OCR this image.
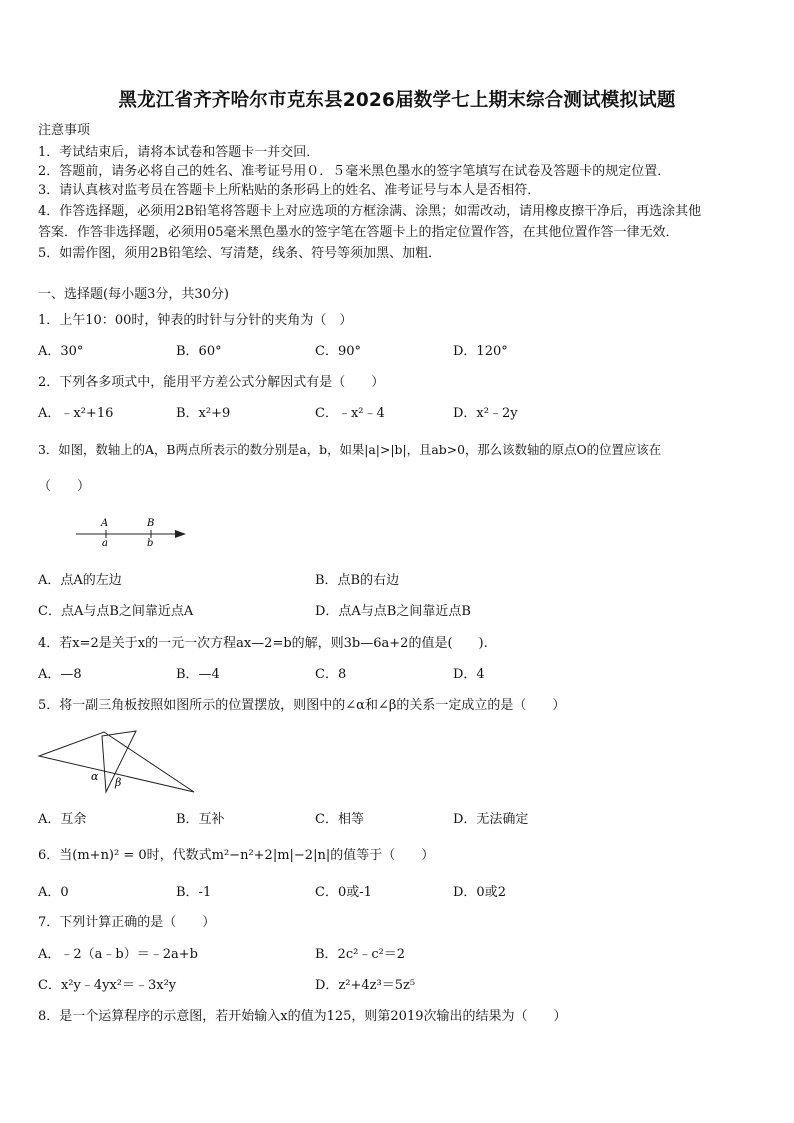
黑龙江省齐齐哈尔市克东县2026届数学七上期末综合测试模拟试题
注意事项
1．考试结束后，请将本试卷和答题卡一并交回．
2．答题前，请务必将自己的姓名、准考证号用０．５毫米黑色墨水的签字笔填写在试卷及答题卡的规定位置．
3．请认真核对监考员在答题卡上所粘贴的条形码上的姓名、准考证号与本人是否相符．
4．作答选择题，必须用2B铅笔将答题卡上对应选项的方框涂满、涂黑；如需改动，请用橡皮擦干净后，再选涂其他
答案．作答非选择题，必须用05毫米黑色墨水的签字笔在答题卡上的指定位置作答，在其他位置作答一律无效．
5．如需作图，须用2B铅笔绘、写清楚，线条、符号等须加黑、加粗．
一、选择题(每小题3分，共30分)
1．上午10：00时，钟表的时针与分针的夹角为（　）
A．30°	B．60°	C．90°	D．120°
2．下列各多项式中，能用平方差公式分解因式有是（　　）
A．﹣x²+16	B．x²+9	C．﹣x²﹣4	D．x²﹣2y
3．如图，数轴上的A，B两点所表示的数分别是a，b，如果|a|>|b|，且ab>0，那么该数轴的原点O的位置应该在
（　　）
A	B
a	b
A．点A的左边	B．点B的右边
C．点A与点B之间靠近点A	D．点A与点B之间靠近点B
4．若x=2是关于x的一元一次方程ax—2=b的解，则3b—6a+2的值是(　　).
A．—8	B．—4	C．8	D．4
5．将一副三角板按照如图所示的位置摆放，则图中的∠α和∠β的关系一定成立的是（　　）
α β
A．互余	B．互补	C．相等	D．无法确定
6．当(m+n)² = 0时，代数式m²−n²+2|m|−2|n|的值等于（　　）
A．0	B．-1	C．0或-1	D．0或2
7．下列计算正确的是（　　）
A．﹣2（a﹣b）＝﹣2a+b	B．2c²﹣c²＝2
C．x²y﹣4yx²＝﹣3x²y	D．z²+4z³＝5z⁵
8．是一个运算程序的示意图，若开始输入x的值为125，则第2019次输出的结果为（　　）
